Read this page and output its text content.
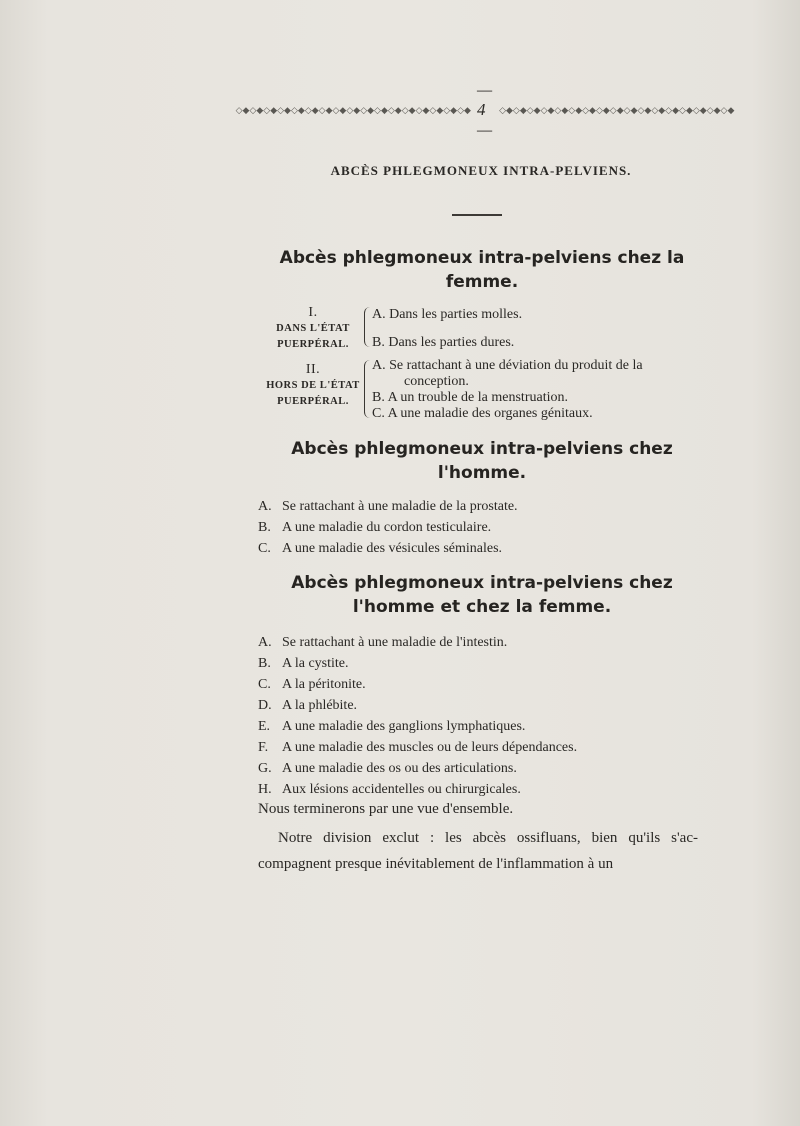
◇◆◇◆◇◆◇◆◇◆◇◆◇◆◇◆◇◆◇◆◇◆◇◆◇◆◇◆◇◆◇◆◇◆
— 4 —
◇◆◇◆◇◆◇◆◇◆◇◆◇◆◇◆◇◆◇◆◇◆◇◆◇◆◇◆◇◆◇◆◇◆
ABCÈS PHLEGMONEUX INTRA-PELVIENS.
Abcès phlegmoneux intra-pelviens chez la femme.
I.
DANS L'ÉTAT
PUERPÉRAL.
A. Dans les parties molles.
B. Dans les parties dures.
II.
HORS DE L'ÉTAT
PUERPÉRAL.
A. Se rattachant à une déviation du produit de la
conception.
B. A un trouble de la menstruation.
C. A une maladie des organes génitaux.
Abcès phlegmoneux intra-pelviens chez l'homme.
A. Se rattachant à une maladie de la prostate.
B. A une maladie du cordon testiculaire.
C. A une maladie des vésicules séminales.
Abcès phlegmoneux intra-pelviens chez l'homme et chez la femme.
A. Se rattachant à une maladie de l'intestin.
B. A la cystite.
C. A la péritonite.
D. A la phlébite.
E. A une maladie des ganglions lymphatiques.
F. A une maladie des muscles ou de leurs dépendances.
G. A une maladie des os ou des articulations.
H. Aux lésions accidentelles ou chirurgicales.

Nous terminerons par une vue d'ensemble.

Notre division exclut : les abcès ossifluans, bien qu'ils s'ac-compagnent presque inévitablement de l'inflammation à un
